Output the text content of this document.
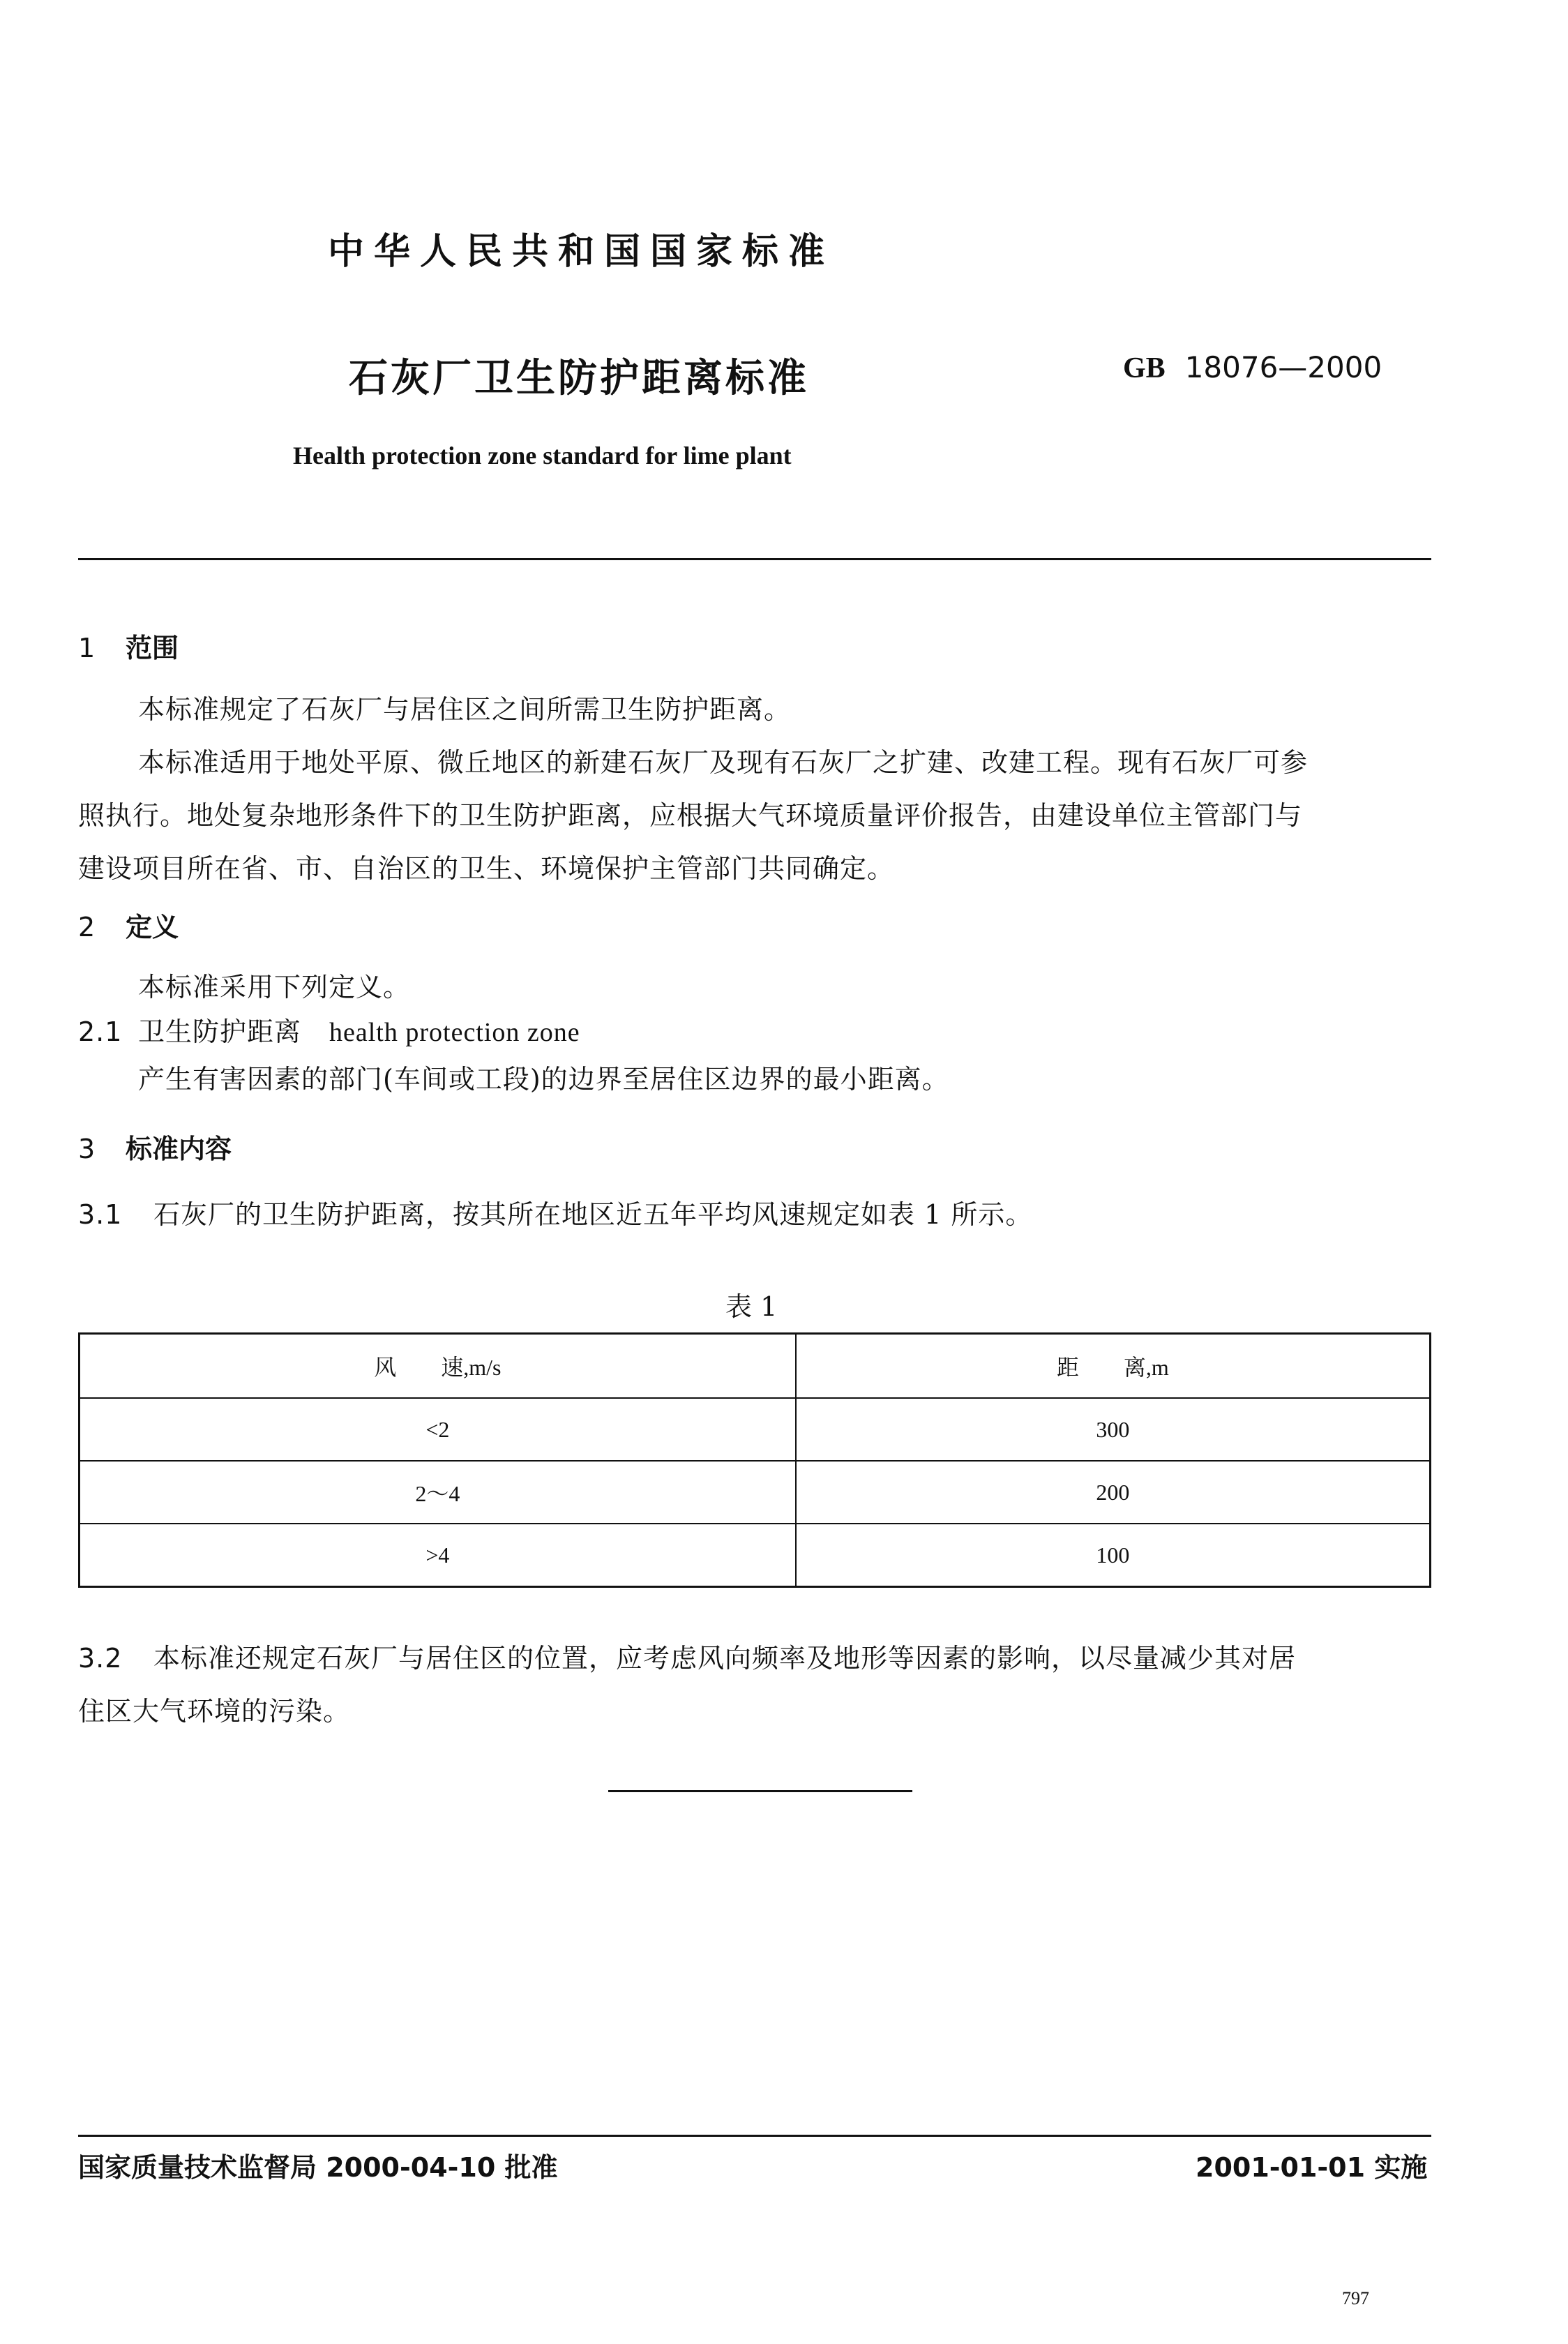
中华人民共和国国家标准
石灰厂卫生防护距离标准	GB 18076—2000
Health protection zone standard for lime plant
1 范围
本标准规定了石灰厂与居住区之间所需卫生防护距离。
本标准适用于地处平原、微丘地区的新建石灰厂及现有石灰厂之扩建、改建工程。现有石灰厂可参
照执行。地处复杂地形条件下的卫生防护距离，应根据大气环境质量评价报告，由建设单位主管部门与
建设项目所在省、市、自治区的卫生、环境保护主管部门共同确定。
2 定义
本标准采用下列定义。
2.1 卫生防护距离 health protection zone
产生有害因素的部门(车间或工段)的边界至居住区边界的最小距离。
3 标准内容
3.1 石灰厂的卫生防护距离，按其所在地区近五年平均风速规定如表 1 所示。
表 1
风　　速,m/s	距　　离,m
<2	300
2～4	200
>4	100
3.2 本标准还规定石灰厂与居住区的位置，应考虑风向频率及地形等因素的影响，以尽量减少其对居
住区大气环境的污染。
国家质量技术监督局 2000-04-10 批准	2001-01-01 实施
797
